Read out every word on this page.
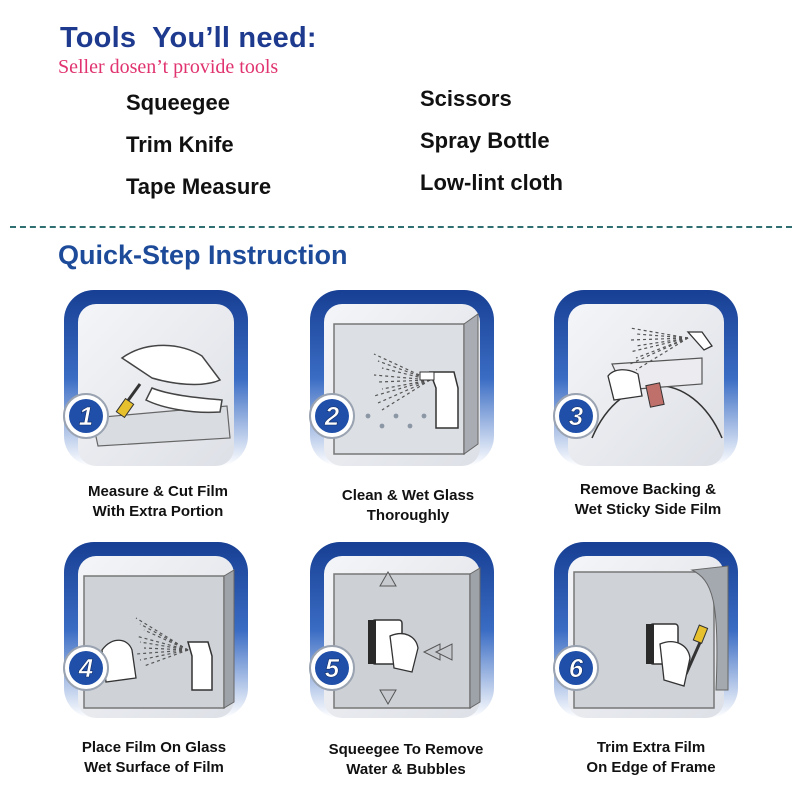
Tools  You’ll need:
Seller dosen’t provide tools
Squeegee	Scissors
Trim Knife	Spray Bottle
Tape Measure	Low-lint cloth
Quick-Step Instruction
1	2	3
4	5	6
Measure & Cut Film
With Extra Portion
Clean & Wet Glass
Thoroughly
Remove Backing &
Wet Sticky Side Film
Place Film On Glass
Wet Surface of Film
Squeegee To Remove
Water & Bubbles
Trim Extra Film
On Edge of Frame
